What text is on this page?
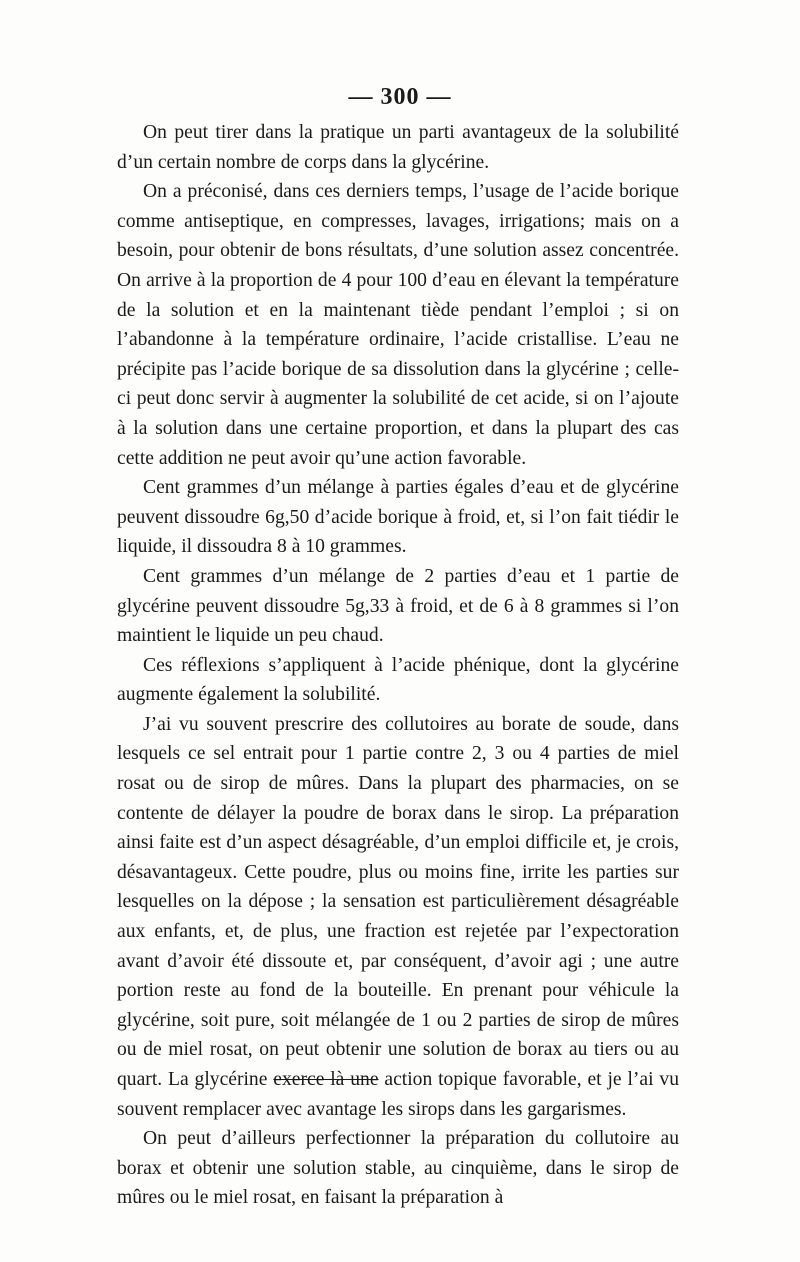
— 300 —

On peut tirer dans la pratique un parti avantageux de la solubilité d’un certain nombre de corps dans la glycérine.

On a préconisé, dans ces derniers temps, l’usage de l’acide borique comme antiseptique, en compresses, lavages, irrigations; mais on a besoin, pour obtenir de bons résultats, d’une solution assez concentrée. On arrive à la proportion de 4 pour 100 d’eau en élevant la température de la solution et en la maintenant tiède pendant l’emploi ; si on l’abandonne à la température ordinaire, l’acide cristallise. L’eau ne précipite pas l’acide borique de sa dissolution dans la glycérine ; celle-ci peut donc servir à augmenter la solubilité de cet acide, si on l’ajoute à la solution dans une certaine proportion, et dans la plupart des cas cette addition ne peut avoir qu’une action favorable.

Cent grammes d’un mélange à parties égales d’eau et de glycérine peuvent dissoudre 6g,50 d’acide borique à froid, et, si l’on fait tiédir le liquide, il dissoudra 8 à 10 grammes.

Cent grammes d’un mélange de 2 parties d’eau et 1 partie de glycérine peuvent dissoudre 5g,33 à froid, et de 6 à 8 grammes si l’on maintient le liquide un peu chaud.

Ces réflexions s’appliquent à l’acide phénique, dont la glycérine augmente également la solubilité.

J’ai vu souvent prescrire des collutoires au borate de soude, dans lesquels ce sel entrait pour 1 partie contre 2, 3 ou 4 parties de miel rosat ou de sirop de mûres. Dans la plupart des pharmacies, on se contente de délayer la poudre de borax dans le sirop. La préparation ainsi faite est d’un aspect désagréable, d’un emploi difficile et, je crois, désavantageux. Cette poudre, plus ou moins fine, irrite les parties sur lesquelles on la dépose ; la sensation est particulièrement désagréable aux enfants, et, de plus, une fraction est rejetée par l’expectoration avant d’avoir été dissoute et, par conséquent, d’avoir agi ; une autre portion reste au fond de la bouteille. En prenant pour véhicule la glycérine, soit pure, soit mélangée de 1 ou 2 parties de sirop de mûres ou de miel rosat, on peut obtenir une solution de borax au tiers ou au quart. La glycérine exerce là une action topique favorable, et je l’ai vu souvent remplacer avec avantage les sirops dans les gargarismes.

On peut d’ailleurs perfectionner la préparation du collutoire au borax et obtenir une solution stable, au cinquième, dans le sirop de mûres ou le miel rosat, en faisant la préparation à
